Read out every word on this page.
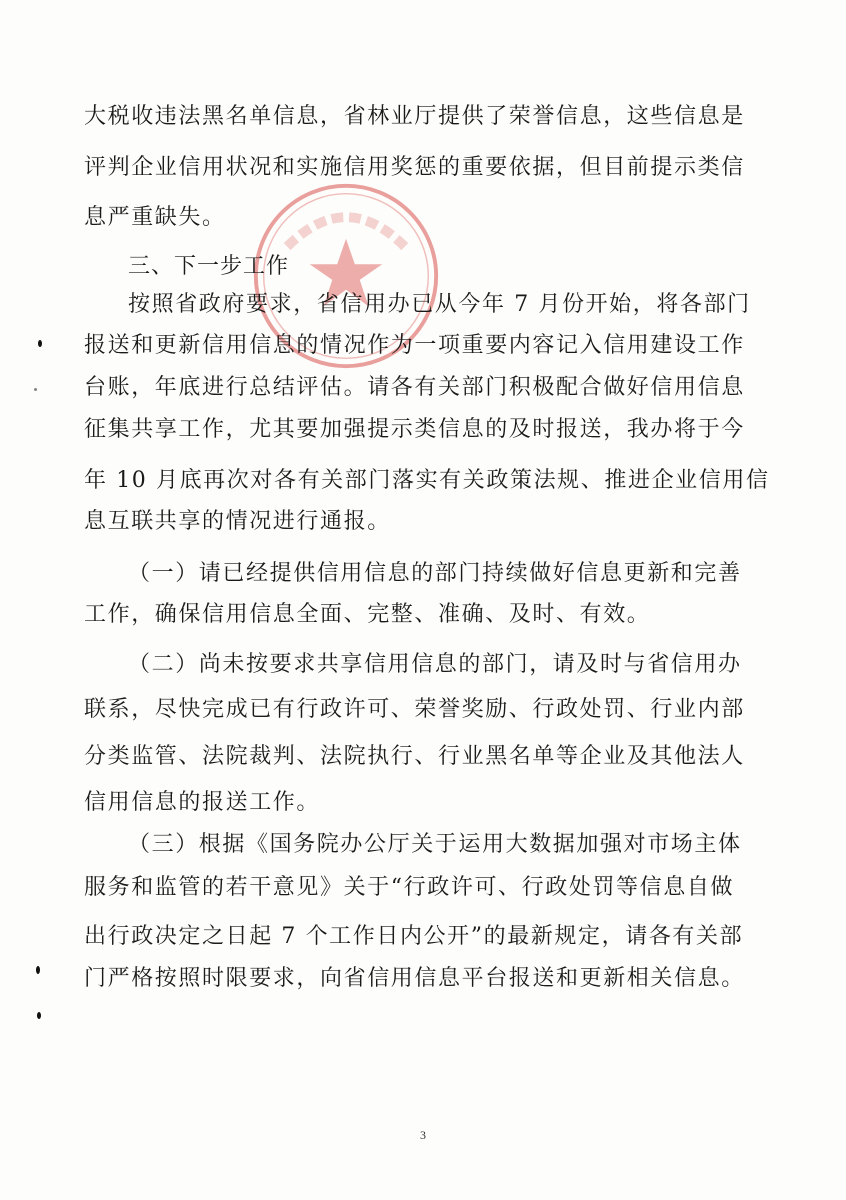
大税收违法黑名单信息，省林业厅提供了荣誉信息，这些信息是
评判企业信用状况和实施信用奖惩的重要依据，但目前提示类信
息严重缺失。
三、下一步工作
按照省政府要求，省信用办已从今年 7 月份开始，将各部门
报送和更新信用信息的情况作为一项重要内容记入信用建设工作
台账，年底进行总结评估。请各有关部门积极配合做好信用信息
征集共享工作，尤其要加强提示类信息的及时报送，我办将于今
年 10 月底再次对各有关部门落实有关政策法规、推进企业信用信
息互联共享的情况进行通报。
（一）请已经提供信用信息的部门持续做好信息更新和完善
工作，确保信用信息全面、完整、准确、及时、有效。
（二）尚未按要求共享信用信息的部门，请及时与省信用办
联系，尽快完成已有行政许可、荣誉奖励、行政处罚、行业内部
分类监管、法院裁判、法院执行、行业黑名单等企业及其他法人
信用信息的报送工作。
（三）根据《国务院办公厅关于运用大数据加强对市场主体
服务和监管的若干意见》关于“行政许可、行政处罚等信息自做
出行政决定之日起 7 个工作日内公开”的最新规定，请各有关部
门严格按照时限要求，向省信用信息平台报送和更新相关信息。
3
